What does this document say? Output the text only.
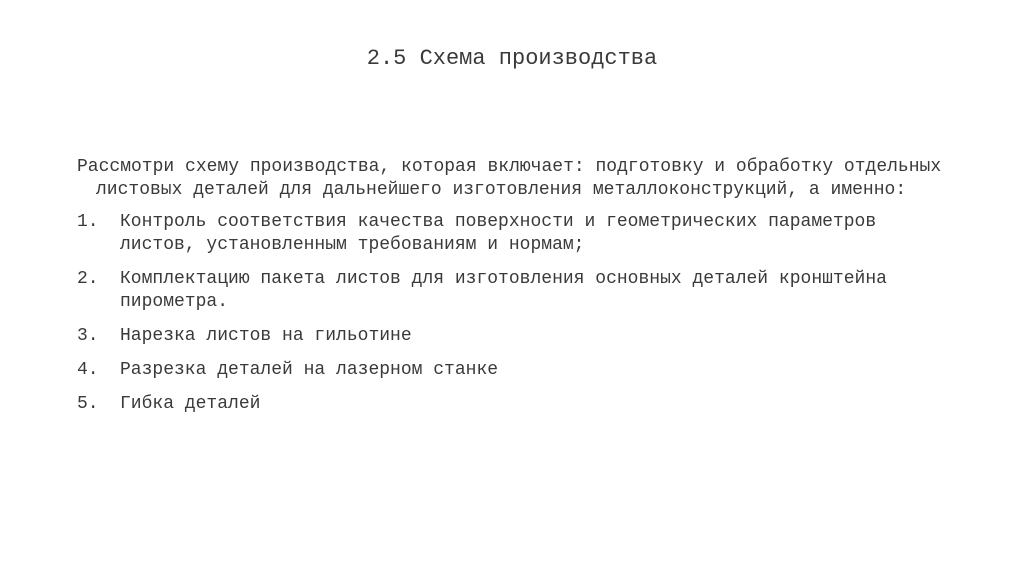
2.5 Схема производства

Рассмотри схему производства, которая включает: подготовку и обработку отдельных листовых деталей для дальнейшего изготовления металлоконструкций, а именно:

1.	Контроль соответствия качества поверхности и геометрических параметров листов, установленным требованиям и нормам;
2.	Комплектацию пакета листов для изготовления основных деталей кронштейна пирометра.
3.	Нарезка листов на гильотине
4.	Разрезка деталей на лазерном станке
5.	Гибка деталей
